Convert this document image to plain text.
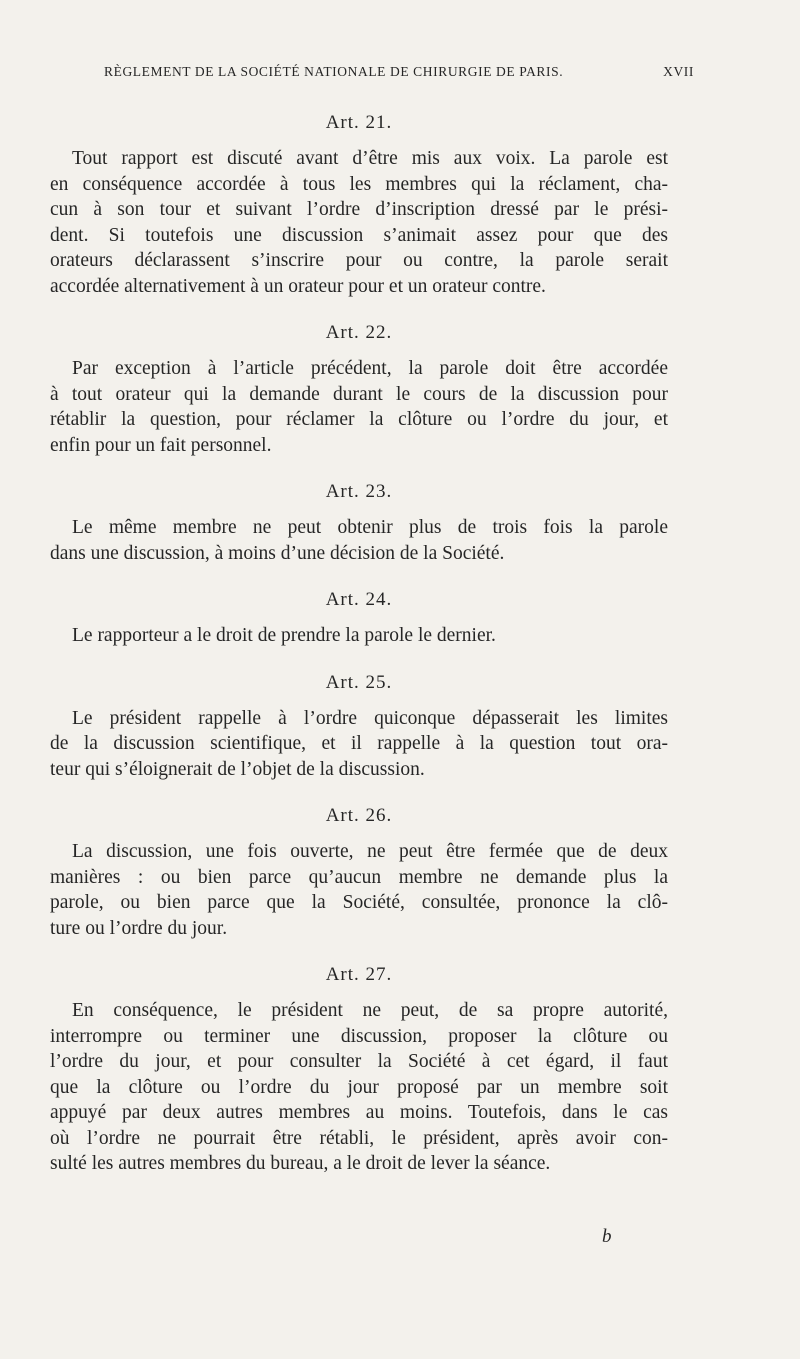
RÈGLEMENT DE LA SOCIÉTÉ NATIONALE DE CHIRURGIE DE PARIS.	XVII
Art. 21.
Tout rapport est discuté avant d’être mis aux voix. La parole est
en conséquence accordée à tous les membres qui la réclament, cha-
cun à son tour et suivant l’ordre d’inscription dressé par le prési-
dent. Si toutefois une discussion s’animait assez pour que des
orateurs déclarassent s’inscrire pour ou contre, la parole serait
accordée alternativement à un orateur pour et un orateur contre.
Art. 22.
Par exception à l’article précédent, la parole doit être accordée
à tout orateur qui la demande durant le cours de la discussion pour
rétablir la question, pour réclamer la clôture ou l’ordre du jour, et
enfin pour un fait personnel.
Art. 23.
Le même membre ne peut obtenir plus de trois fois la parole
dans une discussion, à moins d’une décision de la Société.
Art. 24.
Le rapporteur a le droit de prendre la parole le dernier.
Art. 25.
Le président rappelle à l’ordre quiconque dépasserait les limites
de la discussion scientifique, et il rappelle à la question tout ora-
teur qui s’éloignerait de l’objet de la discussion.
Art. 26.
La discussion, une fois ouverte, ne peut être fermée que de deux
manières : ou bien parce qu’aucun membre ne demande plus la
parole, ou bien parce que la Société, consultée, prononce la clô-
ture ou l’ordre du jour.
Art. 27.
En conséquence, le président ne peut, de sa propre autorité,
interrompre ou terminer une discussion, proposer la clôture ou
l’ordre du jour, et pour consulter la Société à cet égard, il faut
que la clôture ou l’ordre du jour proposé par un membre soit
appuyé par deux autres membres au moins. Toutefois, dans le cas
où l’ordre ne pourrait être rétabli, le président, après avoir con-
sulté les autres membres du bureau, a le droit de lever la séance.
b
